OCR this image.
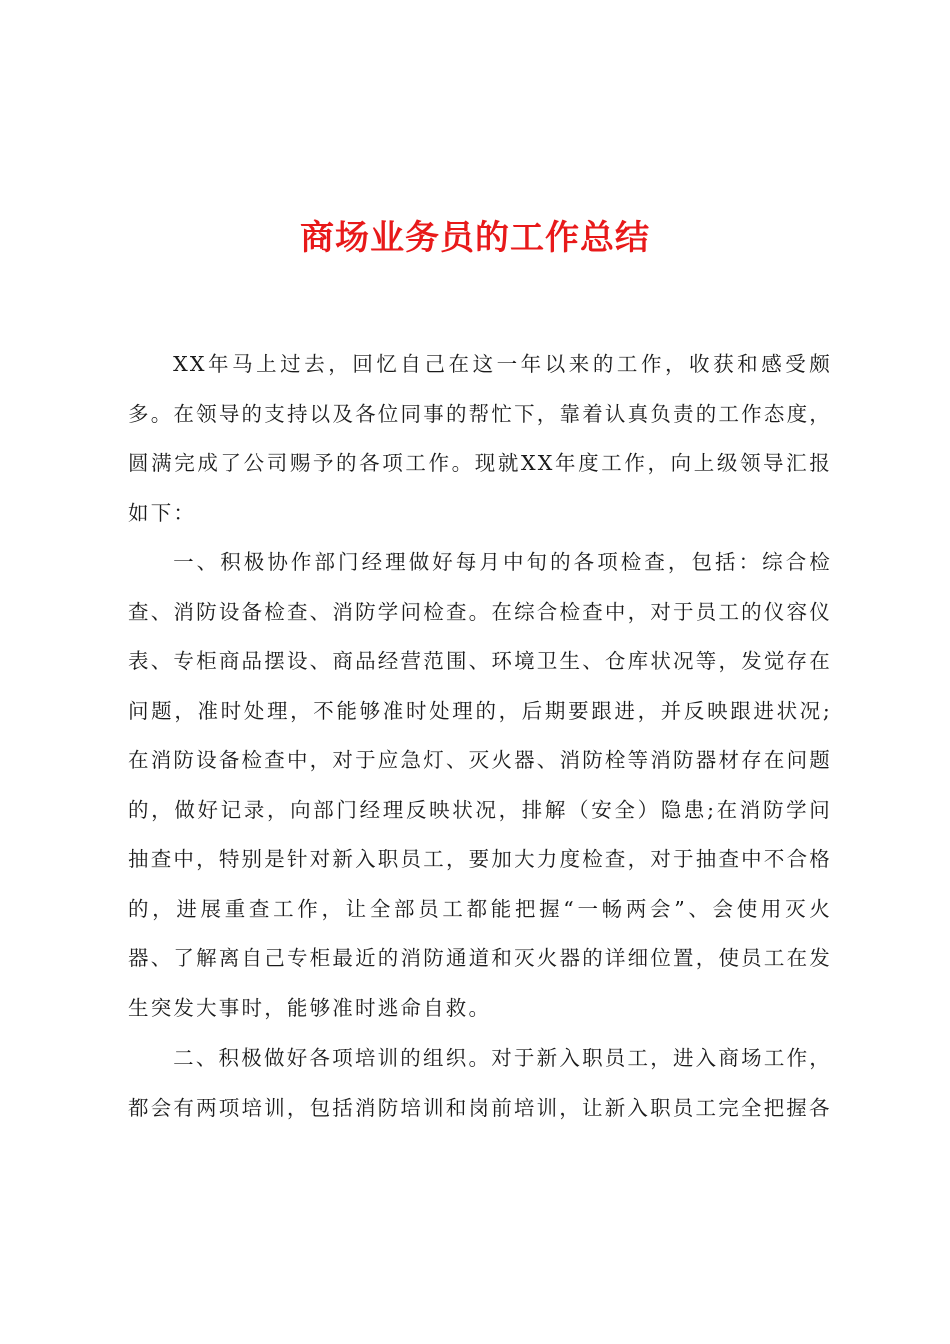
商场业务员的工作总结

XX年马上过去，回忆自己在这一年以来的工作，收获和感受颇多。在领导的支持以及各位同事的帮忙下，靠着认真负责的工作态度，圆满完成了公司赐予的各项工作。现就XX年度工作，向上级领导汇报如下：

一、积极协作部门经理做好每月中旬的各项检查，包括：综合检查、消防设备检查、消防学问检查。在综合检查中，对于员工的仪容仪表、专柜商品摆设、商品经营范围、环境卫生、仓库状况等，发觉存在问题，准时处理，不能够准时处理的，后期要跟进，并反映跟进状况;在消防设备检查中，对于应急灯、灭火器、消防栓等消防器材存在问题的，做好记录，向部门经理反映状况，排解（安全）隐患;在消防学问抽查中，特别是针对新入职员工，要加大力度检查，对于抽查中不合格的，进展重查工作，让全部员工都能把握“一畅两会”、会使用灭火器、了解离自己专柜最近的消防通道和灭火器的详细位置，使员工在发生突发大事时，能够准时逃命自救。

二、积极做好各项培训的组织。对于新入职员工，进入商场工作，都会有两项培训，包括消防培训和岗前培训，让新入职员工完全把握各
